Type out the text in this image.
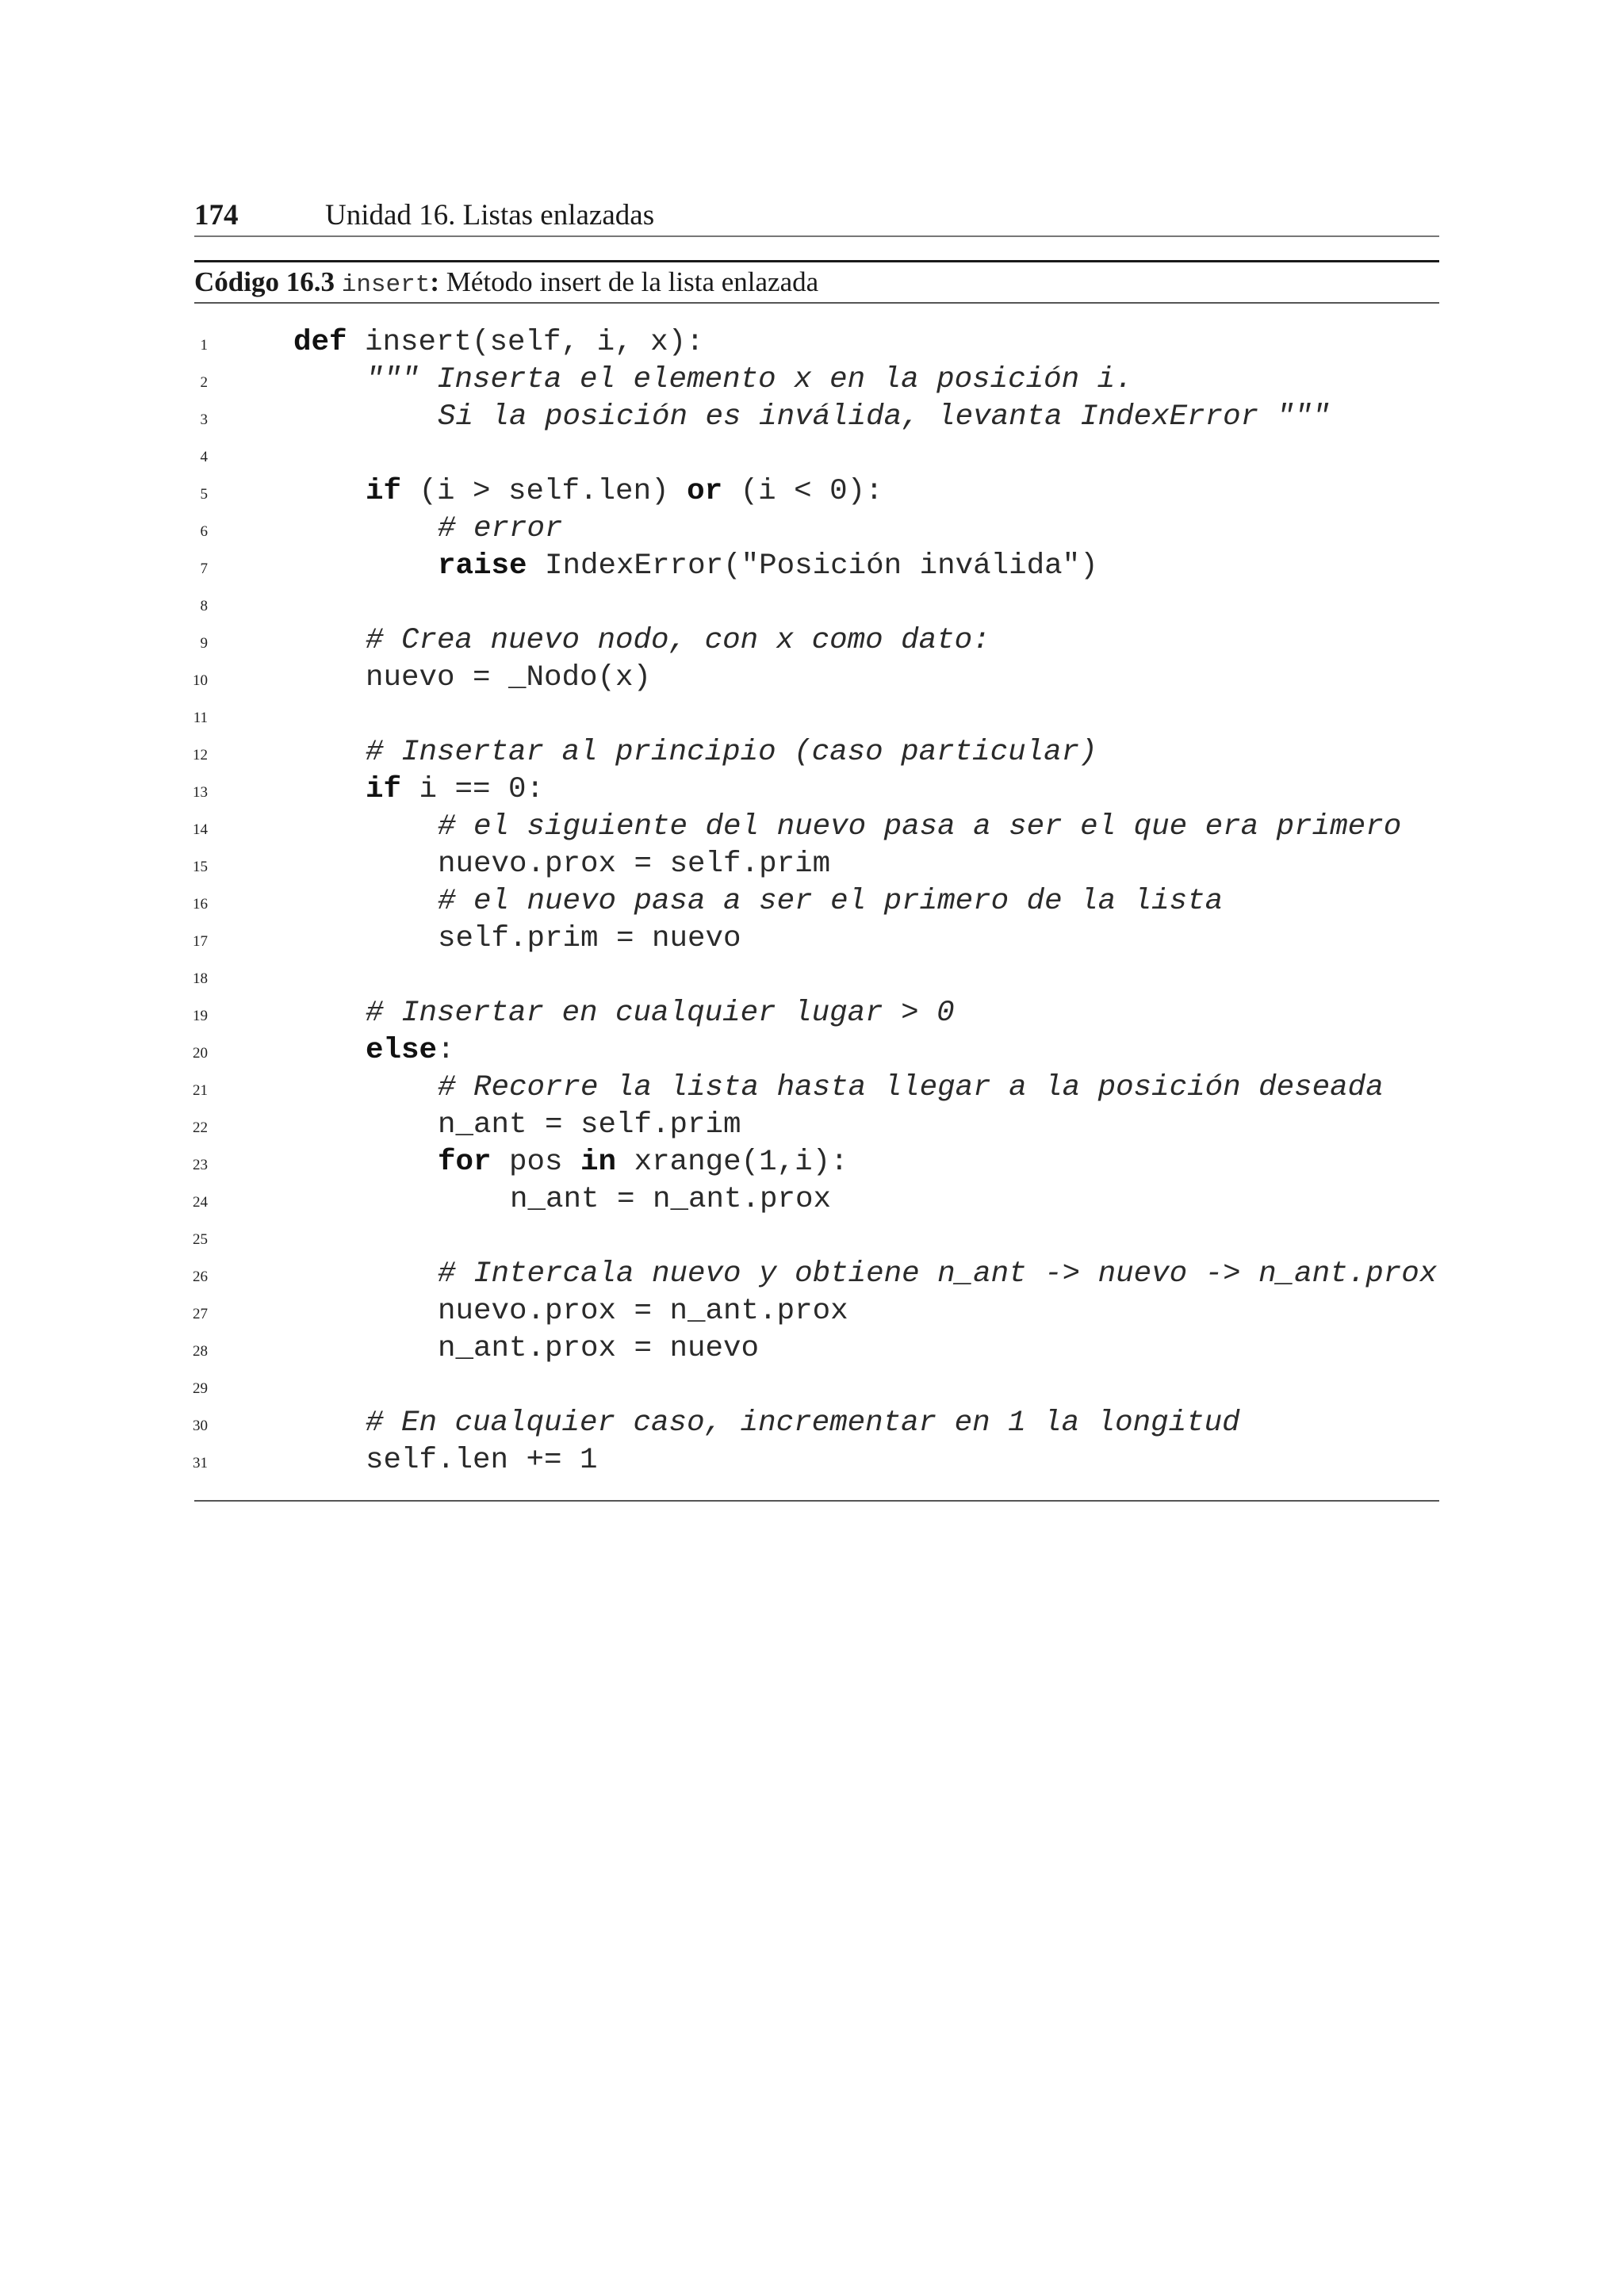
174	Unidad 16. Listas enlazadas
Código 16.3 insert: Método insert de la lista enlazada
1	def insert(self, i, x):
2	""" Inserta el elemento x en la posición i.
3	Si la posición es inválida, levanta IndexError """
4
5	if (i > self.len) or (i < 0):
6	# error
7	raise IndexError("Posición inválida")
8
9	# Crea nuevo nodo, con x como dato:
10	nuevo = _Nodo(x)
11
12	# Insertar al principio (caso particular)
13	if i == 0:
14	# el siguiente del nuevo pasa a ser el que era primero
15	nuevo.prox = self.prim
16	# el nuevo pasa a ser el primero de la lista
17	self.prim = nuevo
18
19	# Insertar en cualquier lugar > 0
20	else:
21	# Recorre la lista hasta llegar a la posición deseada
22	n_ant = self.prim
23	for pos in xrange(1,i):
24	n_ant = n_ant.prox
25
26	# Intercala nuevo y obtiene n_ant -> nuevo -> n_ant.prox
27	nuevo.prox = n_ant.prox
28	n_ant.prox = nuevo
29
30	# En cualquier caso, incrementar en 1 la longitud
31	self.len += 1
